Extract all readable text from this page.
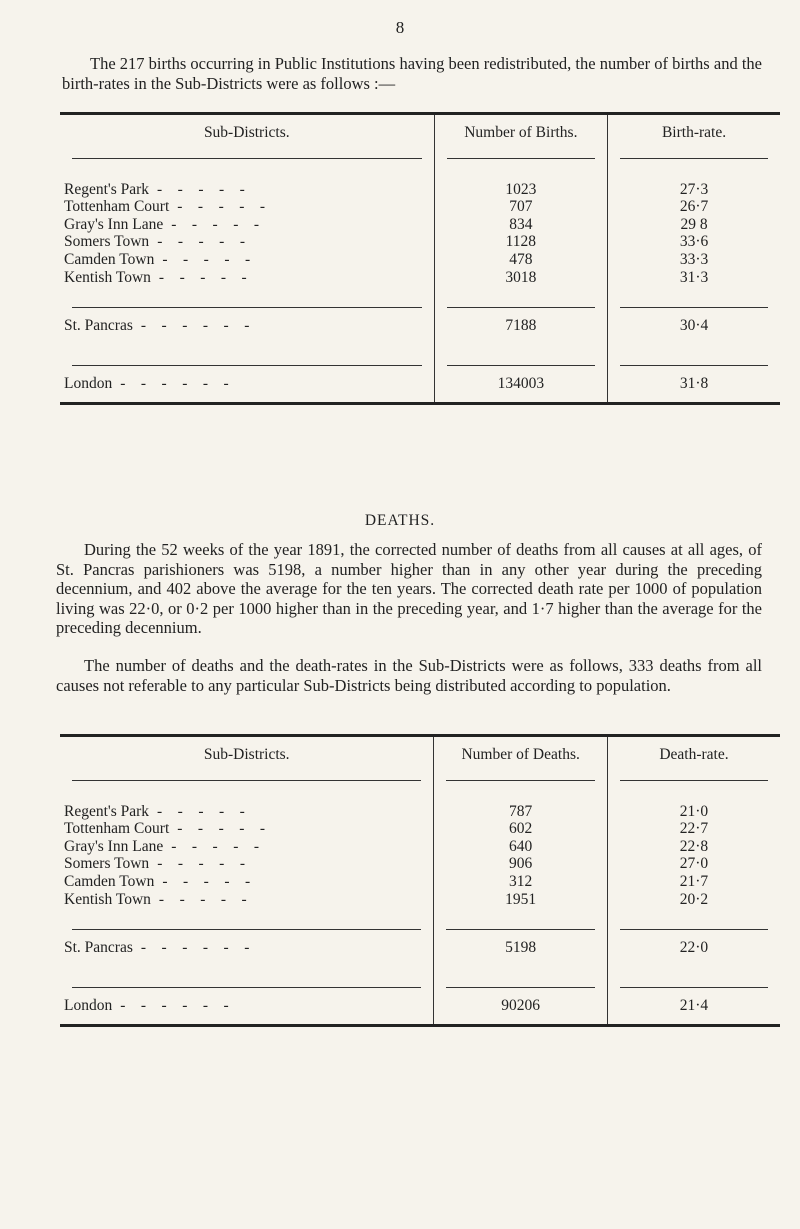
8

The 217 births occurring in Public Institutions having been redistributed, the number of births and the birth-rates in the Sub-Districts were as follows :—

Sub-Districts.	Number of Births.	Birth-rate.

Regent's Park -    -    -    -    -	1023	27·3
Tottenham Court -    -    -    -    -	707	26·7
Gray's Inn Lane -    -    -    -    -	834	29 8
Somers Town -    -    -    -    -	1128	33·6
Camden Town -    -    -    -    -	478	33·3
Kentish Town -    -    -    -    -	3018	31·3

St. Pancras -    -    -    -    -    -	7188	30·4

London -    -    -    -    -    -	134003	31·8
DEATHS.

During the 52 weeks of the year 1891, the corrected number of deaths from all causes at all ages, of St. Pancras parishioners was 5198, a number higher than in any other year during the preceding decennium, and 402 above the average for the ten years. The corrected death rate per 1000 of population living was 22·0, or 0·2 per 1000 higher than in the preceding year, and 1·7 higher than the average for the preceding decennium.

The number of deaths and the death-rates in the Sub-Districts were as follows, 333 deaths from all causes not referable to any particular Sub-Districts being distributed according to population.

Sub-Districts.	Number of Deaths.	Death-rate.

Regent's Park -    -    -    -    -	787	21·0
Tottenham Court -    -    -    -    -	602	22·7
Gray's Inn Lane -    -    -    -    -	640	22·8
Somers Town -    -    -    -    -	906	27·0
Camden Town -    -    -    -    -	312	21·7
Kentish Town -    -    -    -    -	1951	20·2

St. Pancras -    -    -    -    -    -	5198	22·0

London -    -    -    -    -    -	90206	21·4
